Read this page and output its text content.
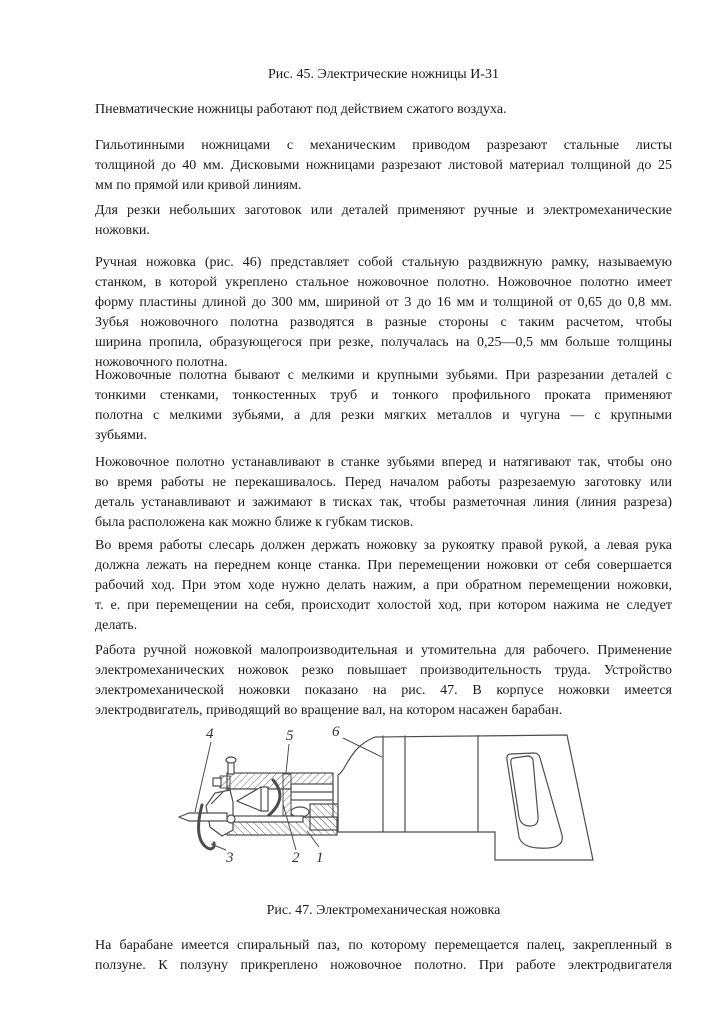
Рис. 45. Электрические ножницы И-31
Пневматические ножницы работают под действием сжатого воздуха.
Гильотинными ножницами с механическим приводом разрезают стальные листы
толщиной до 40 мм. Дисковыми ножницами разрезают листовой материал толщиной до 25
мм по прямой или кривой линиям.
Для резки небольших заготовок или деталей применяют ручные и электромеханические
ножовки.
Ручная ножовка (рис. 46) представляет собой стальную раздвижную рамку, называемую
станком, в которой укреплено стальное ножовочное полотно. Ножовочное полотно имеет
форму пластины длиной до 300 мм, шириной от 3 до 16 мм и толщиной от 0,65 до 0,8 мм.
Зубья ножовочного полотна разводятся в разные стороны с таким расчетом, чтобы
ширина пропила, образующегося при резке, получалась на 0,25—0,5 мм больше толщины
ножовочного полотна.
Ножовочные полотна бывают с мелкими и крупными зубьями. При разрезании деталей с
тонкими стенками, тонкостенных труб и тонкого профильного проката применяют
полотна с мелкими зубьями, а для резки мягких металлов и чугуна — с крупными
зубьями.
Ножовочное полотно устанавливают в станке зубьями вперед и натягивают так, чтобы оно
во время работы не перекашивалось. Перед началом работы разрезаемую заготовку или
деталь устанавливают и зажимают в тисках так, чтобы разметочная линия (линия разреза)
была расположена как можно ближе к губкам тисков.
Во время работы слесарь должен держать ножовку за рукоятку правой рукой, а левая рука
должна лежать на переднем конце станка. При перемещении ножовки от себя совершается
рабочий ход. При этом ходе нужно делать нажим, а при обратном перемещении ножовки,
т. е. при перемещении на себя, происходит холостой ход, при котором нажима не следует
делать.
Работа ручной ножовкой малопроизводительная и утомительна для рабочего. Применение
электромеханических ножовок резко повышает производительность труда. Устройство
электромеханической ножовки показано на рис. 47. В корпусе ножовки имеется
электродвигатель, приводящий во вращение вал, на котором насажен барабан.
4	5	6
3	2 1
Рис. 47. Электромеханическая ножовка
На барабане имеется спиральный паз, по которому перемещается палец, закрепленный в
ползуне. К ползуну прикреплено ножовочное полотно. При работе электродвигателя
